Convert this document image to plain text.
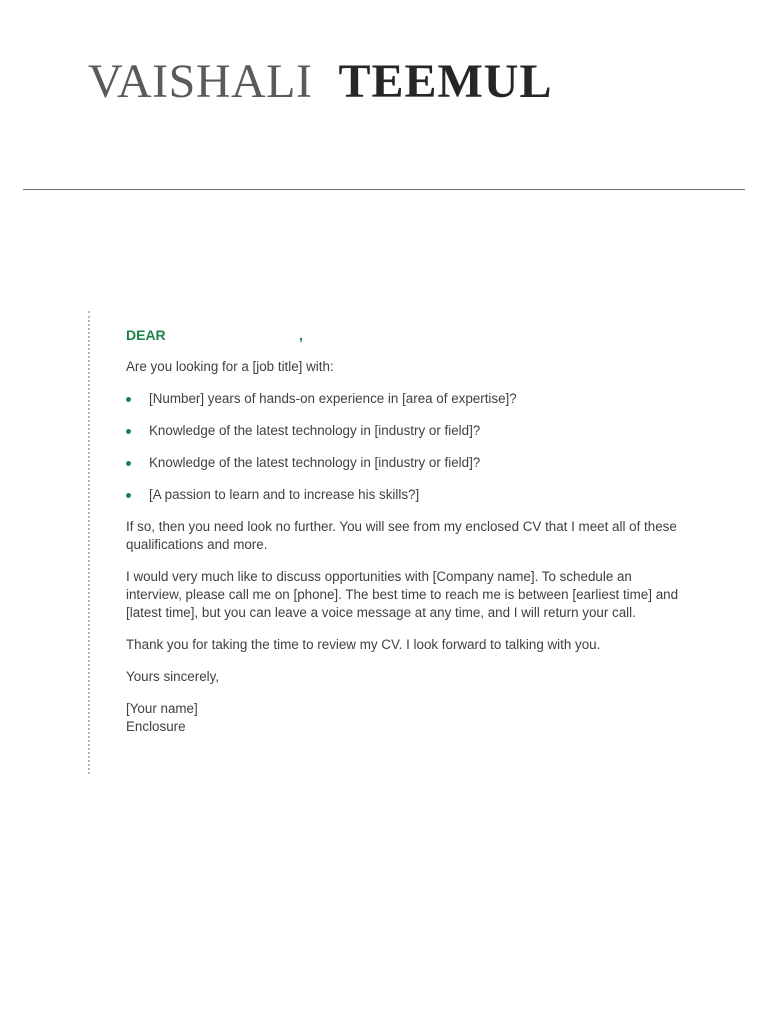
VAISHALI TEEMUL
DEAR	,

Are you looking for a [job title] with:

[Number] years of hands-on experience in [area of expertise]?
Knowledge of the latest technology in [industry or field]?
Knowledge of the latest technology in [industry or field]?
[A passion to learn and to increase his skills?]

If so, then you need look no further. You will see from my enclosed CV that I meet all of these qualifications and more.

I would very much like to discuss opportunities with [Company name]. To schedule an interview, please call me on [phone]. The best time to reach me is between [earliest time] and [latest time], but you can leave a voice message at any time, and I will return your call.

Thank you for taking the time to review my CV. I look forward to talking with you.

Yours sincerely,

[Your name]
Enclosure
